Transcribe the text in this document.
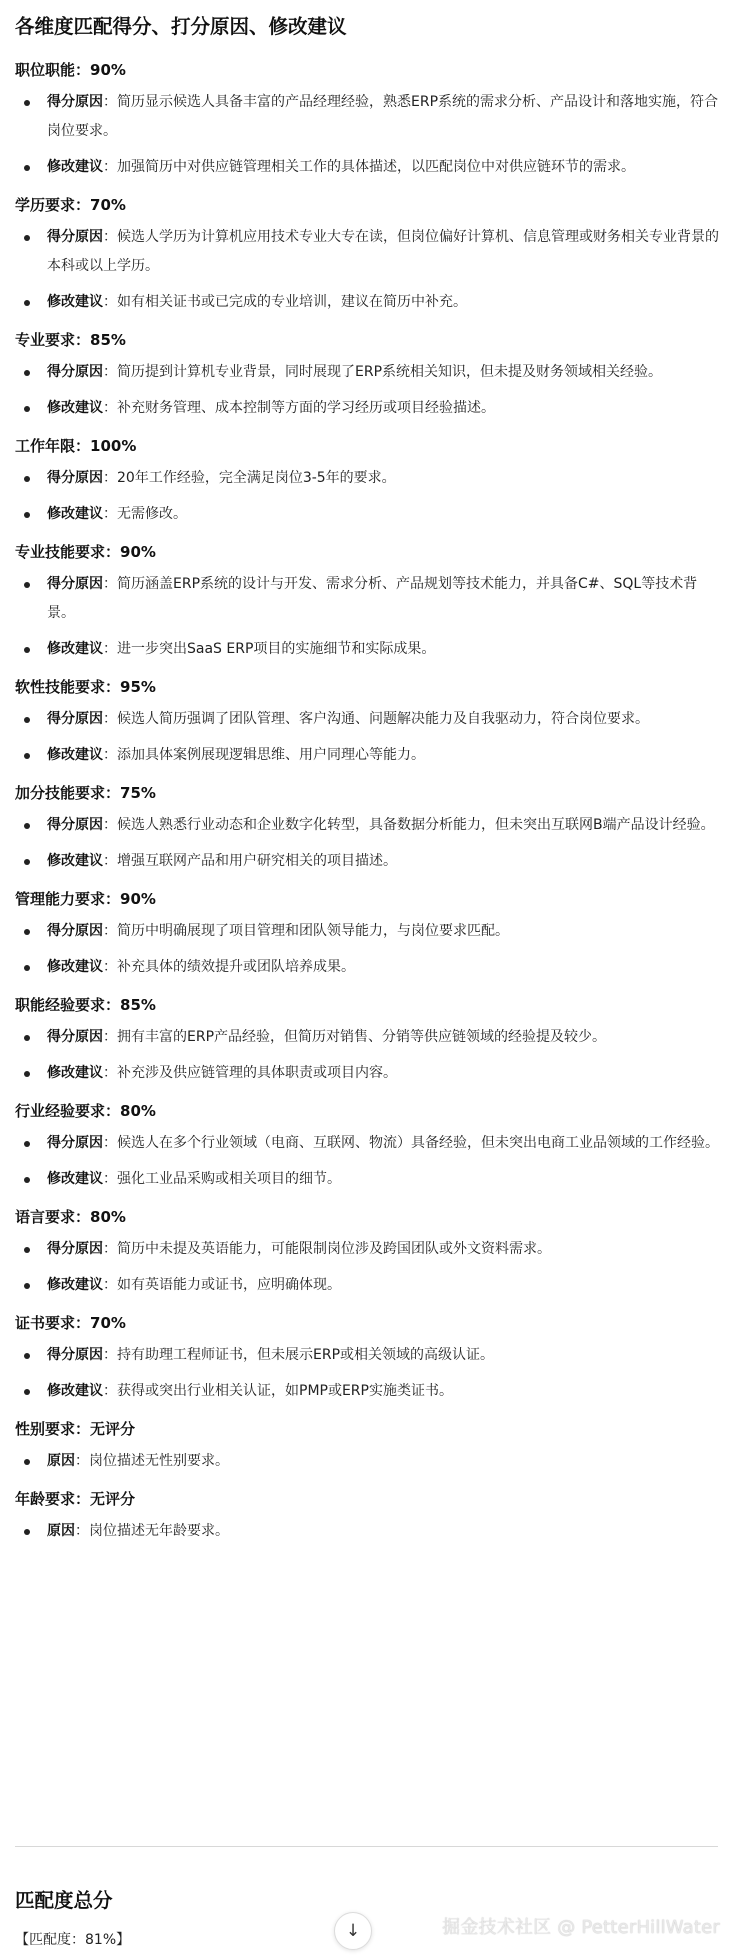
各维度匹配得分、打分原因、修改建议
职位职能：90%
得分原因：简历显示候选人具备丰富的产品经理经验，熟悉ERP系统的需求分析、产品设计和落地实施，符合岗位要求。
修改建议：加强简历中对供应链管理相关工作的具体描述，以匹配岗位中对供应链环节的需求。
学历要求：70%
得分原因：候选人学历为计算机应用技术专业大专在读，但岗位偏好计算机、信息管理或财务相关专业背景的本科或以上学历。
修改建议：如有相关证书或已完成的专业培训，建议在简历中补充。
专业要求：85%
得分原因：简历提到计算机专业背景，同时展现了ERP系统相关知识，但未提及财务领域相关经验。
修改建议：补充财务管理、成本控制等方面的学习经历或项目经验描述。
工作年限：100%
得分原因：20年工作经验，完全满足岗位3-5年的要求。
修改建议：无需修改。
专业技能要求：90%
得分原因：简历涵盖ERP系统的设计与开发、需求分析、产品规划等技术能力，并具备C#、SQL等技术背景。
修改建议：进一步突出SaaS ERP项目的实施细节和实际成果。
软性技能要求：95%
得分原因：候选人简历强调了团队管理、客户沟通、问题解决能力及自我驱动力，符合岗位要求。
修改建议：添加具体案例展现逻辑思维、用户同理心等能力。
加分技能要求：75%
得分原因：候选人熟悉行业动态和企业数字化转型，具备数据分析能力，但未突出互联网B端产品设计经验。
修改建议：增强互联网产品和用户研究相关的项目描述。
管理能力要求：90%
得分原因：简历中明确展现了项目管理和团队领导能力，与岗位要求匹配。
修改建议：补充具体的绩效提升或团队培养成果。
职能经验要求：85%
得分原因：拥有丰富的ERP产品经验，但简历对销售、分销等供应链领域的经验提及较少。
修改建议：补充涉及供应链管理的具体职责或项目内容。
行业经验要求：80%
得分原因：候选人在多个行业领域（电商、互联网、物流）具备经验，但未突出电商工业品领域的工作经验。
修改建议：强化工业品采购或相关项目的细节。
语言要求：80%
得分原因：简历中未提及英语能力，可能限制岗位涉及跨国团队或外文资料需求。
修改建议：如有英语能力或证书，应明确体现。
证书要求：70%
得分原因：持有助理工程师证书，但未展示ERP或相关领域的高级认证。
修改建议：获得或突出行业相关认证，如PMP或ERP实施类证书。
性别要求：无评分
原因：岗位描述无性别要求。
年龄要求：无评分
原因：岗位描述无年龄要求。
匹配度总分
【匹配度：81%】	↓	掘金技术社区 @ PetterHillWater
